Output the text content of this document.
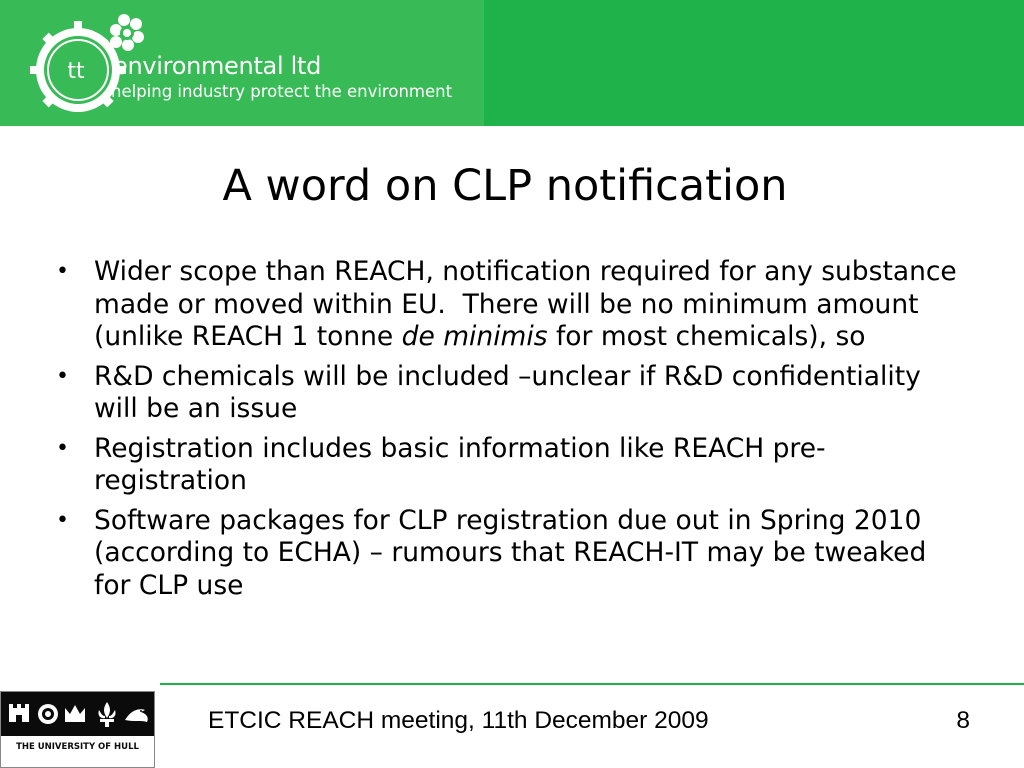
tt environmental ltd
helping industry protect the environment
A word on CLP notification
• Wider scope than REACH, notification required for any substance made or moved within EU.  There will be no minimum amount (unlike REACH 1 tonne de minimis for most chemicals), so
• R&D chemicals will be included –unclear if R&D confidentiality will be an issue
• Registration includes basic information like REACH pre-registration
• Software packages for CLP registration due out in Spring 2010 (according to ECHA) – rumours that REACH-IT may be tweaked for CLP use
THE UNIVERSITY OF HULL
ETCIC REACH meeting, 11th December 2009	8
